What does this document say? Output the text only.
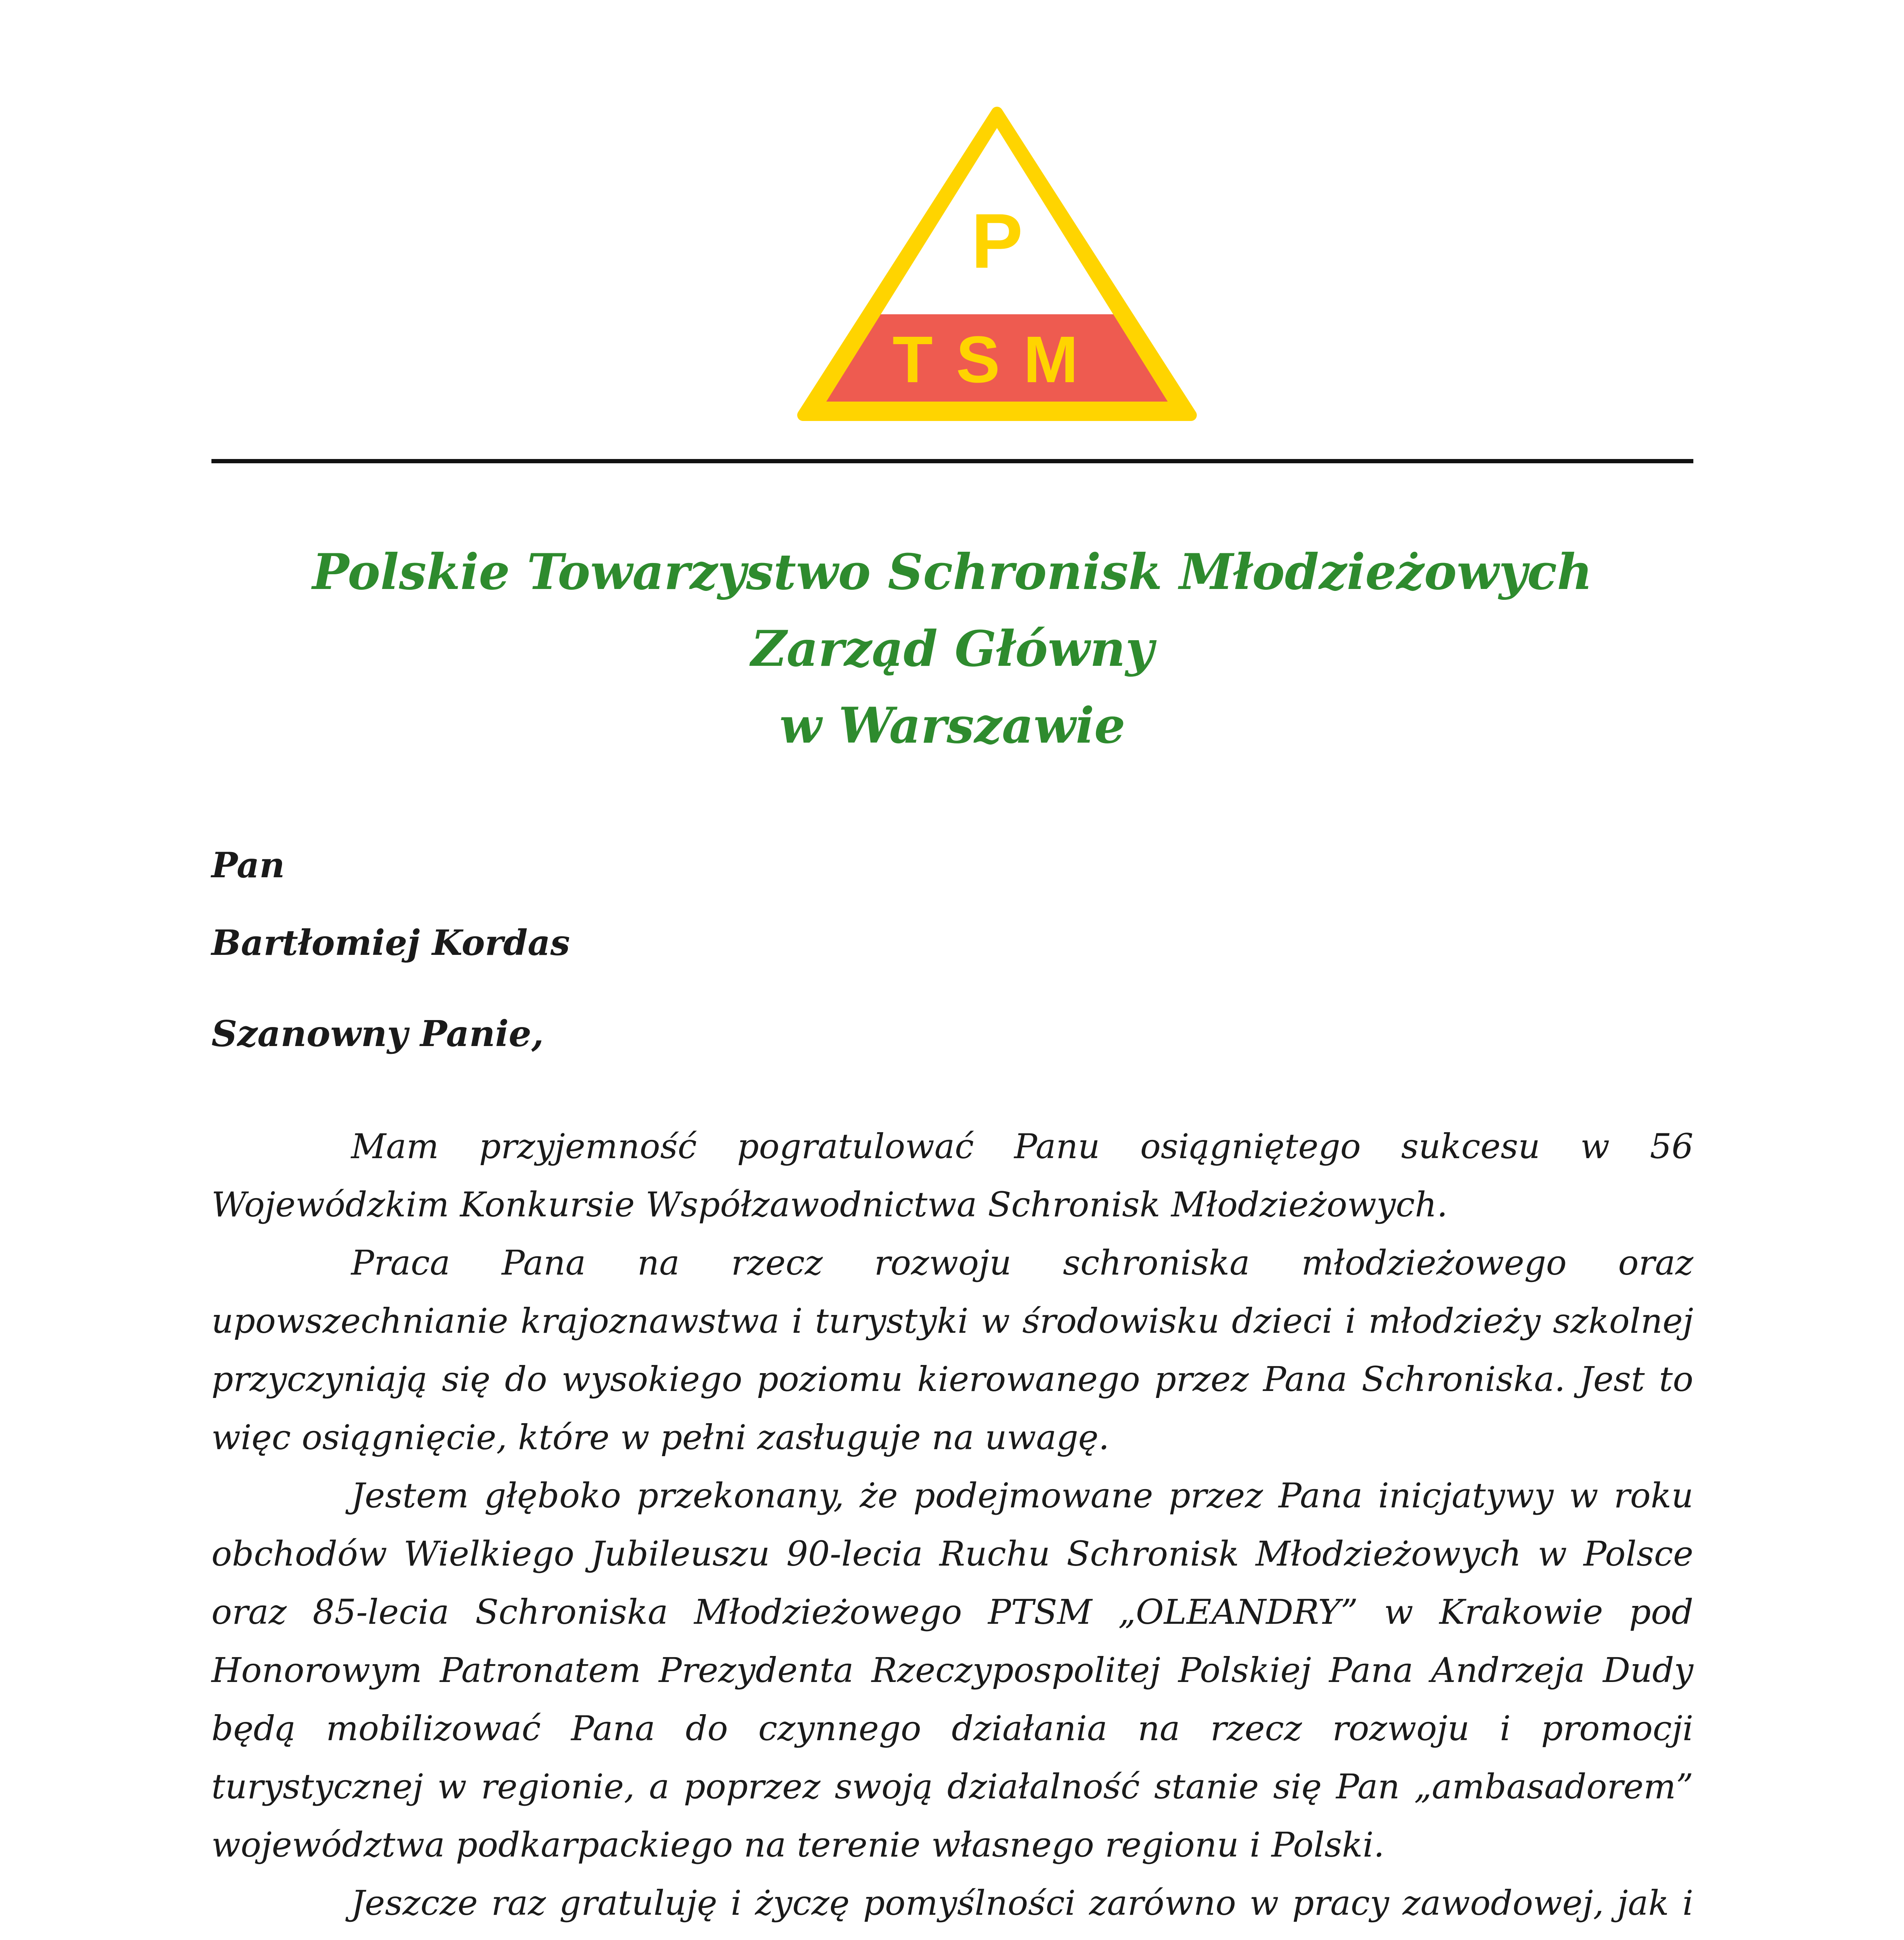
P
TSM
Polskie Towarzystwo Schronisk Młodzieżowych
Zarząd Główny
w Warszawie
Pan
Bartłomiej Kordas
Szanowny Panie,

Mam przyjemność pogratulować Panu osiągniętego sukcesu w 56 Wojewódzkim Konkursie Współzawodnictwa Schronisk Młodzieżowych.

Praca Pana na rzecz rozwoju schroniska młodzieżowego oraz upowszechnianie krajoznawstwa i turystyki w środowisku dzieci i młodzieży szkolnej przyczyniają się do wysokiego poziomu kierowanego przez Pana Schroniska. Jest to więc osiągnięcie, które w pełni zasługuje na uwagę.

Jestem głęboko przekonany, że podejmowane przez Pana inicjatywy w roku obchodów Wielkiego Jubileuszu 90-lecia Ruchu Schronisk Młodzieżowych w Polsce oraz 85-lecia Schroniska Młodzieżowego PTSM „OLEANDRY” w Krakowie pod Honorowym Patronatem Prezydenta Rzeczypospolitej Polskiej Pana Andrzeja Dudy będą mobilizować Pana do czynnego działania na rzecz rozwoju i promocji turystycznej w regionie, a poprzez swoją działalność stanie się Pan „ambasadorem” województwa podkarpackiego na terenie własnego regionu i Polski.

Jeszcze raz gratuluję i życzę pomyślności zarówno w pracy zawodowej, jak i
